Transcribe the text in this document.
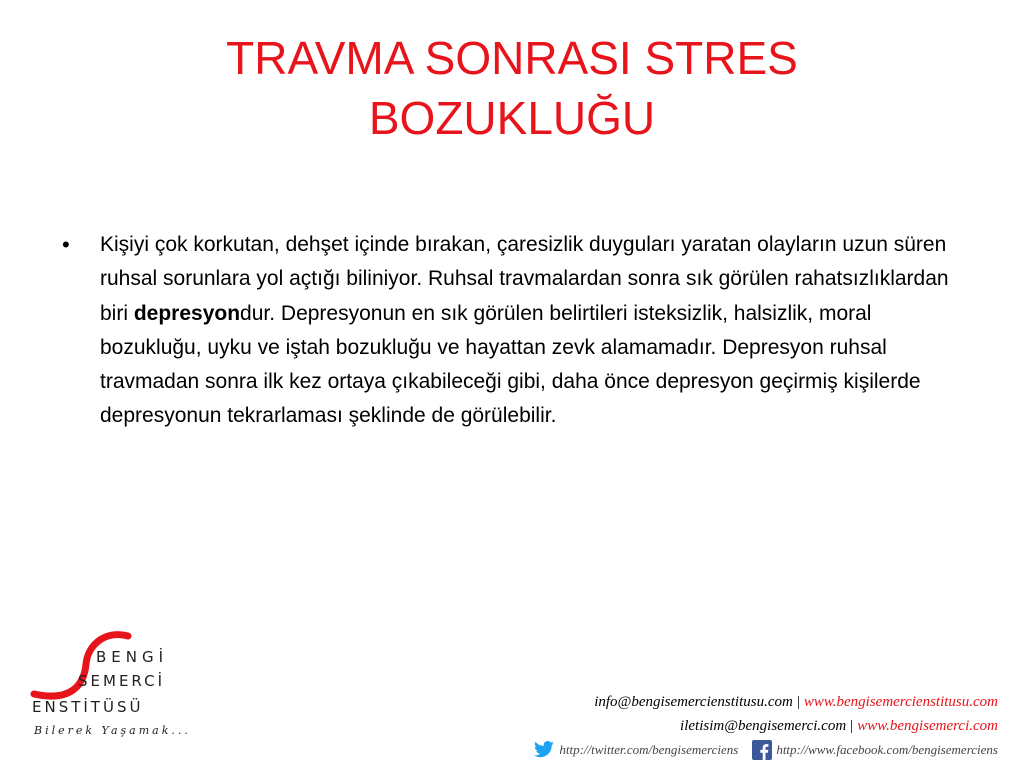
TRAVMA SONRASI STRES
BOZUKLUĞU
• Kişiyi çok korkutan, dehşet içinde bırakan, çaresizlik duyguları yaratan olayların uzun süren ruhsal sorunlara yol açtığı biliniyor. Ruhsal travmalardan sonra sık görülen rahatsızlıklardan biri depresyondur. Depresyonun en sık görülen belirtileri isteksizlik, halsizlik, moral bozukluğu, uyku ve iştah bozukluğu ve hayattan zevk alamamadır. Depresyon ruhsal travmadan sonra ilk kez ortaya çıkabileceği gibi, daha önce depresyon geçirmiş kişilerde depresyonun tekrarlaması şeklinde de görülebilir.
BENGİ
SEMERCİ
ENSTİTÜSÜ
Bilerek Yaşamak...
info@bengisemercienstitusu.com | www.bengisemercienstitusu.com
iletisim@bengisemerci.com | www.bengisemerci.com
http://twitter.com/bengisemerciens	http://www.facebook.com/bengisemerciens
